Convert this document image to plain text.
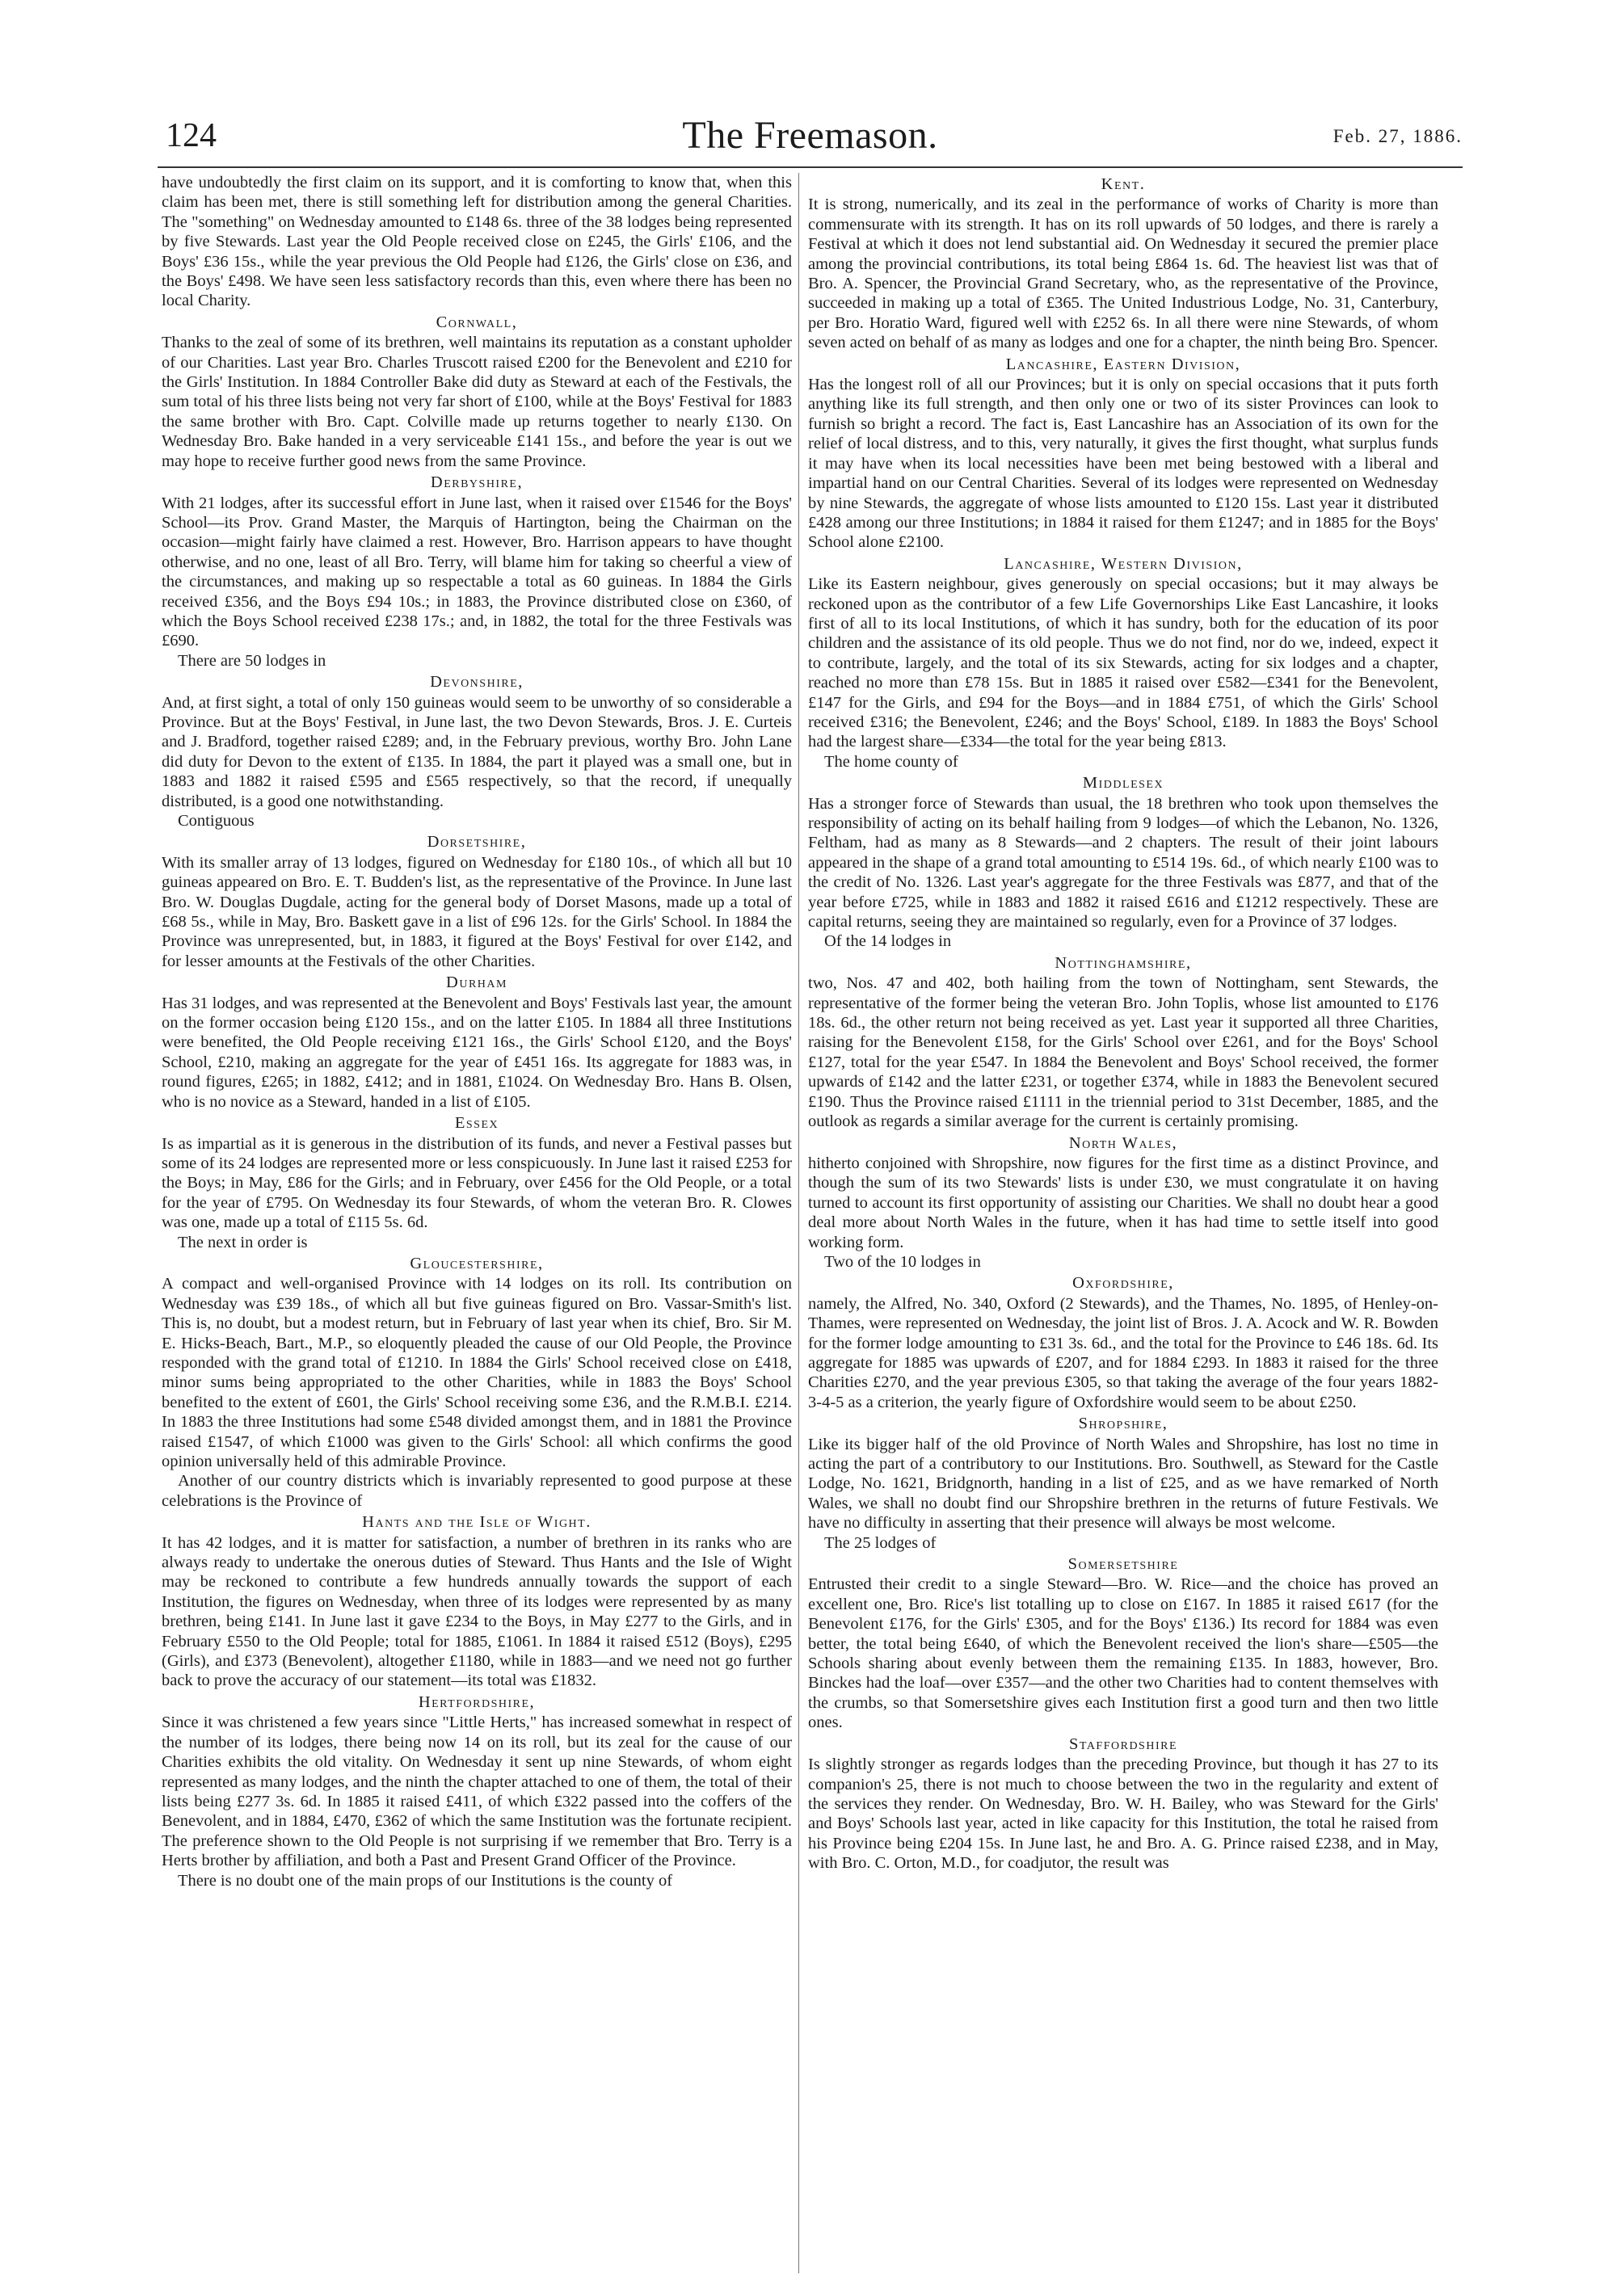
124	The Freemason.	Feb. 27, 1886.

have undoubtedly the first claim on its support, and it is comforting to know that, when this claim has been met, there is still something left for distribution among the general Charities. The "something" on Wednesday amounted to £148 6s. three of the 38 lodges being represented by five Stewards. Last year the Old People received close on £245, the Girls' £106, and the Boys' £36 15s., while the year previous the Old People had £126, the Girls' close on £36, and the Boys' £498. We have seen less satisfactory records than this, even where there has been no local Charity.

Cornwall,

Thanks to the zeal of some of its brethren, well maintains its reputation as a constant upholder of our Charities. Last year Bro. Charles Truscott raised £200 for the Benevolent and £210 for the Girls' Institution. In 1884 Controller Bake did duty as Steward at each of the Festivals, the sum total of his three lists being not very far short of £100, while at the Boys' Festival for 1883 the same brother with Bro. Capt. Colville made up returns together to nearly £130. On Wednesday Bro. Bake handed in a very serviceable £141 15s., and before the year is out we may hope to receive further good news from the same Province.

Derbyshire,

With 21 lodges, after its successful effort in June last, when it raised over £1546 for the Boys' School—its Prov. Grand Master, the Marquis of Hartington, being the Chairman on the occasion—might fairly have claimed a rest. However, Bro. Harrison appears to have thought otherwise, and no one, least of all Bro. Terry, will blame him for taking so cheerful a view of the circumstances, and making up so respectable a total as 60 guineas. In 1884 the Girls received £356, and the Boys £94 10s.; in 1883, the Province distributed close on £360, of which the Boys School received £238 17s.; and, in 1882, the total for the three Festivals was £690.

There are 50 lodges in

Devonshire,

And, at first sight, a total of only 150 guineas would seem to be unworthy of so considerable a Province. But at the Boys' Festival, in June last, the two Devon Stewards, Bros. J. E. Curteis and J. Bradford, together raised £289; and, in the February previous, worthy Bro. John Lane did duty for Devon to the extent of £135. In 1884, the part it played was a small one, but in 1883 and 1882 it raised £595 and £565 respectively, so that the record, if unequally distributed, is a good one notwithstanding.

Contiguous

Dorsetshire,

With its smaller array of 13 lodges, figured on Wednesday for £180 10s., of which all but 10 guineas appeared on Bro. E. T. Budden's list, as the representative of the Province. In June last Bro. W. Douglas Dugdale, acting for the general body of Dorset Masons, made up a total of £68 5s., while in May, Bro. Baskett gave in a list of £96 12s. for the Girls' School. In 1884 the Province was unrepresented, but, in 1883, it figured at the Boys' Festival for over £142, and for lesser amounts at the Festivals of the other Charities.

Durham

Has 31 lodges, and was represented at the Benevolent and Boys' Festivals last year, the amount on the former occasion being £120 15s., and on the latter £105. In 1884 all three Institutions were benefited, the Old People receiving £121 16s., the Girls' School £120, and the Boys' School, £210, making an aggregate for the year of £451 16s. Its aggregate for 1883 was, in round figures, £265; in 1882, £412; and in 1881, £1024. On Wednesday Bro. Hans B. Olsen, who is no novice as a Steward, handed in a list of £105.

Essex

Is as impartial as it is generous in the distribution of its funds, and never a Festival passes but some of its 24 lodges are represented more or less conspicuously. In June last it raised £253 for the Boys; in May, £86 for the Girls; and in February, over £456 for the Old People, or a total for the year of £795. On Wednesday its four Stewards, of whom the veteran Bro. R. Clowes was one, made up a total of £115 5s. 6d.

The next in order is

Gloucestershire,

A compact and well-organised Province with 14 lodges on its roll. Its contribution on Wednesday was £39 18s., of which all but five guineas figured on Bro. Vassar-Smith's list. This is, no doubt, but a modest return, but in February of last year when its chief, Bro. Sir M. E. Hicks-Beach, Bart., M.P., so eloquently pleaded the cause of our Old People, the Province responded with the grand total of £1210. In 1884 the Girls' School received close on £418, minor sums being appropriated to the other Charities, while in 1883 the Boys' School benefited to the extent of £601, the Girls' School receiving some £36, and the R.M.B.I. £214. In 1883 the three Institutions had some £548 divided amongst them, and in 1881 the Province raised £1547, of which £1000 was given to the Girls' School: all which confirms the good opinion universally held of this admirable Province.

Another of our country districts which is invariably represented to good purpose at these celebrations is the Province of

Hants and the Isle of Wight.

It has 42 lodges, and it is matter for satisfaction, a number of brethren in its ranks who are always ready to undertake the onerous duties of Steward. Thus Hants and the Isle of Wight may be reckoned to contribute a few hundreds annually towards the support of each Institution, the figures on Wednesday, when three of its lodges were represented by as many brethren, being £141. In June last it gave £234 to the Boys, in May £277 to the Girls, and in February £550 to the Old People; total for 1885, £1061. In 1884 it raised £512 (Boys), £295 (Girls), and £373 (Benevolent), altogether £1180, while in 1883—and we need not go further back to prove the accuracy of our statement—its total was £1832.

Hertfordshire,

Since it was christened a few years since "Little Herts," has increased somewhat in respect of the number of its lodges, there being now 14 on its roll, but its zeal for the cause of our Charities exhibits the old vitality. On Wednesday it sent up nine Stewards, of whom eight represented as many lodges, and the ninth the chapter attached to one of them, the total of their lists being £277 3s. 6d. In 1885 it raised £411, of which £322 passed into the coffers of the Benevolent, and in 1884, £470, £362 of which the same Institution was the fortunate recipient. The preference shown to the Old People is not surprising if we remember that Bro. Terry is a Herts brother by affiliation, and both a Past and Present Grand Officer of the Province.

There is no doubt one of the main props of our Institutions is the county of

Kent.

It is strong, numerically, and its zeal in the performance of works of Charity is more than commensurate with its strength. It has on its roll upwards of 50 lodges, and there is rarely a Festival at which it does not lend substantial aid. On Wednesday it secured the premier place among the provincial contributions, its total being £864 1s. 6d. The heaviest list was that of Bro. A. Spencer, the Provincial Grand Secretary, who, as the representative of the Province, succeeded in making up a total of £365. The United Industrious Lodge, No. 31, Canterbury, per Bro. Horatio Ward, figured well with £252 6s. In all there were nine Stewards, of whom seven acted on behalf of as many as lodges and one for a chapter, the ninth being Bro. Spencer.

Lancashire, Eastern Division,

Has the longest roll of all our Provinces; but it is only on special occasions that it puts forth anything like its full strength, and then only one or two of its sister Provinces can look to furnish so bright a record. The fact is, East Lancashire has an Association of its own for the relief of local distress, and to this, very naturally, it gives the first thought, what surplus funds it may have when its local necessities have been met being bestowed with a liberal and impartial hand on our Central Charities. Several of its lodges were represented on Wednesday by nine Stewards, the aggregate of whose lists amounted to £120 15s. Last year it distributed £428 among our three Institutions; in 1884 it raised for them £1247; and in 1885 for the Boys' School alone £2100.

Lancashire, Western Division,

Like its Eastern neighbour, gives generously on special occasions; but it may always be reckoned upon as the contributor of a few Life Governorships Like East Lancashire, it looks first of all to its local Institutions, of which it has sundry, both for the education of its poor children and the assistance of its old people. Thus we do not find, nor do we, indeed, expect it to contribute, largely, and the total of its six Stewards, acting for six lodges and a chapter, reached no more than £78 15s. But in 1885 it raised over £582—£341 for the Benevolent, £147 for the Girls, and £94 for the Boys—and in 1884 £751, of which the Girls' School received £316; the Benevolent, £246; and the Boys' School, £189. In 1883 the Boys' School had the largest share—£334—the total for the year being £813.

The home county of

Middlesex

Has a stronger force of Stewards than usual, the 18 brethren who took upon themselves the responsibility of acting on its behalf hailing from 9 lodges—of which the Lebanon, No. 1326, Feltham, had as many as 8 Stewards—and 2 chapters. The result of their joint labours appeared in the shape of a grand total amounting to £514 19s. 6d., of which nearly £100 was to the credit of No. 1326. Last year's aggregate for the three Festivals was £877, and that of the year before £725, while in 1883 and 1882 it raised £616 and £1212 respectively. These are capital returns, seeing they are maintained so regularly, even for a Province of 37 lodges.

Of the 14 lodges in

Nottinghamshire,

two, Nos. 47 and 402, both hailing from the town of Nottingham, sent Stewards, the representative of the former being the veteran Bro. John Toplis, whose list amounted to £176 18s. 6d., the other return not being received as yet. Last year it supported all three Charities, raising for the Benevolent £158, for the Girls' School over £261, and for the Boys' School £127, total for the year £547. In 1884 the Benevolent and Boys' School received, the former upwards of £142 and the latter £231, or together £374, while in 1883 the Benevolent secured £190. Thus the Province raised £1111 in the triennial period to 31st December, 1885, and the outlook as regards a similar average for the current is certainly promising.

North Wales,

hitherto conjoined with Shropshire, now figures for the first time as a distinct Province, and though the sum of its two Stewards' lists is under £30, we must congratulate it on having turned to account its first opportunity of assisting our Charities. We shall no doubt hear a good deal more about North Wales in the future, when it has had time to settle itself into good working form.

Two of the 10 lodges in

Oxfordshire,

namely, the Alfred, No. 340, Oxford (2 Stewards), and the Thames, No. 1895, of Henley-on-Thames, were represented on Wednesday, the joint list of Bros. J. A. Acock and W. R. Bowden for the former lodge amounting to £31 3s. 6d., and the total for the Province to £46 18s. 6d. Its aggregate for 1885 was upwards of £207, and for 1884 £293. In 1883 it raised for the three Charities £270, and the year previous £305, so that taking the average of the four years 1882-3-4-5 as a criterion, the yearly figure of Oxfordshire would seem to be about £250.

Shropshire,

Like its bigger half of the old Province of North Wales and Shropshire, has lost no time in acting the part of a contributory to our Institutions. Bro. Southwell, as Steward for the Castle Lodge, No. 1621, Bridgnorth, handing in a list of £25, and as we have remarked of North Wales, we shall no doubt find our Shropshire brethren in the returns of future Festivals. We have no difficulty in asserting that their presence will always be most welcome.

The 25 lodges of

Somersetshire

Entrusted their credit to a single Steward—Bro. W. Rice—and the choice has proved an excellent one, Bro. Rice's list totalling up to close on £167. In 1885 it raised £617 (for the Benevolent £176, for the Girls' £305, and for the Boys' £136.) Its record for 1884 was even better, the total being £640, of which the Benevolent received the lion's share—£505—the Schools sharing about evenly between them the remaining £135. In 1883, however, Bro. Binckes had the loaf—over £357—and the other two Charities had to content themselves with the crumbs, so that Somersetshire gives each Institution first a good turn and then two little ones.

Staffordshire

Is slightly stronger as regards lodges than the preceding Province, but though it has 27 to its companion's 25, there is not much to choose between the two in the regularity and extent of the services they render. On Wednesday, Bro. W. H. Bailey, who was Steward for the Girls' and Boys' Schools last year, acted in like capacity for this Institution, the total he raised from his Province being £204 15s. In June last, he and Bro. A. G. Prince raised £238, and in May, with Bro. C. Orton, M.D., for coadjutor, the result was
